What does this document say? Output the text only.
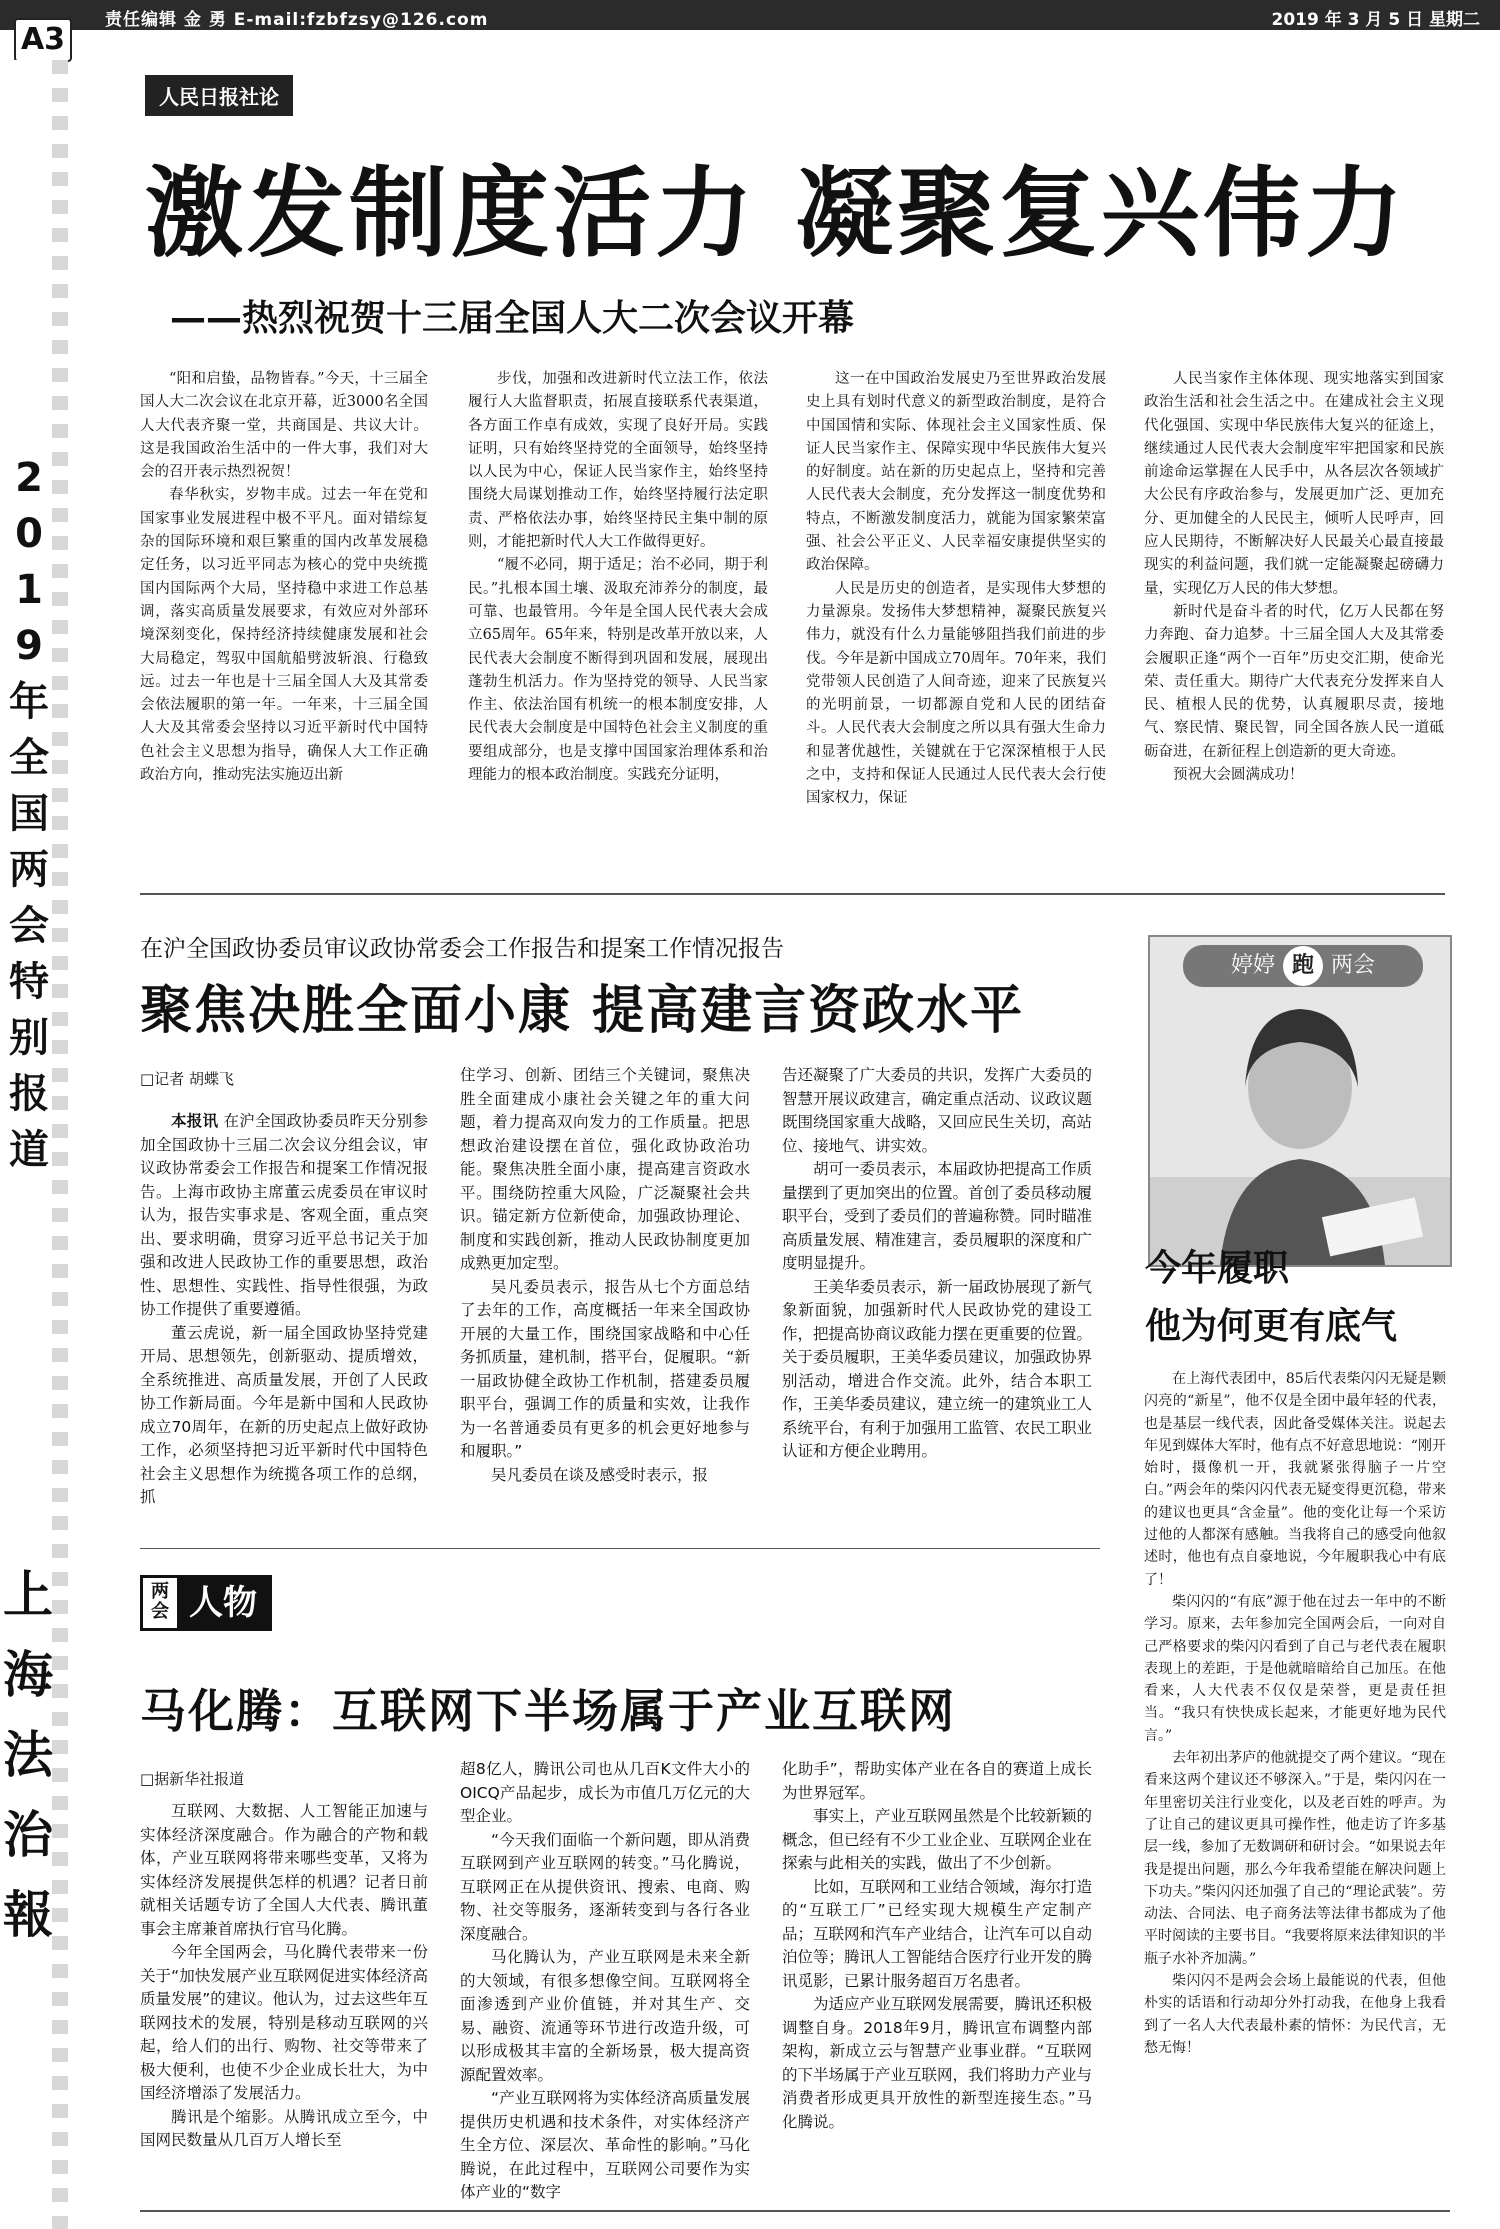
责任编辑 金 勇 E-mail:fzbfzsy@126.com	2019 年 3 月 5 日 星期二
A3
2
0
1
9
年
全
国
两
会
特
别
报
道
上
海
法
治
報
人民日报社论
激发制度活力 凝聚复兴伟力
——热烈祝贺十三届全国人大二次会议开幕

“阳和启蛰，品物皆春。”今天，十三届全国人大二次会议在北京开幕，近3000名全国人大代表齐聚一堂，共商国是、共议大计。这是我国政治生活中的一件大事，我们对大会的召开表示热烈祝贺！

春华秋实，岁物丰成。过去一年在党和国家事业发展进程中极不平凡。面对错综复杂的国际环境和艰巨繁重的国内改革发展稳定任务，以习近平同志为核心的党中央统揽国内国际两个大局，坚持稳中求进工作总基调，落实高质量发展要求，有效应对外部环境深刻变化，保持经济持续健康发展和社会大局稳定，驾驭中国航船劈波斩浪、行稳致远。过去一年也是十三届全国人大及其常委会依法履职的第一年。一年来，十三届全国人大及其常委会坚持以习近平新时代中国特色社会主义思想为指导，确保人大工作正确政治方向，推动宪法实施迈出新

步伐，加强和改进新时代立法工作，依法履行人大监督职责，拓展直接联系代表渠道，各方面工作卓有成效，实现了良好开局。实践证明，只有始终坚持党的全面领导，始终坚持以人民为中心，保证人民当家作主，始终坚持围绕大局谋划推动工作，始终坚持履行法定职责、严格依法办事，始终坚持民主集中制的原则，才能把新时代人大工作做得更好。

“履不必同，期于适足；治不必同，期于利民。”扎根本国土壤、汲取充沛养分的制度，最可靠、也最管用。今年是全国人民代表大会成立65周年。65年来，特别是改革开放以来，人民代表大会制度不断得到巩固和发展，展现出蓬勃生机活力。作为坚持党的领导、人民当家作主、依法治国有机统一的根本制度安排，人民代表大会制度是中国特色社会主义制度的重要组成部分，也是支撑中国国家治理体系和治理能力的根本政治制度。实践充分证明，

这一在中国政治发展史乃至世界政治发展史上具有划时代意义的新型政治制度，是符合中国国情和实际、体现社会主义国家性质、保证人民当家作主、保障实现中华民族伟大复兴的好制度。站在新的历史起点上，坚持和完善人民代表大会制度，充分发挥这一制度优势和特点，不断激发制度活力，就能为国家繁荣富强、社会公平正义、人民幸福安康提供坚实的政治保障。

人民是历史的创造者，是实现伟大梦想的力量源泉。发扬伟大梦想精神，凝聚民族复兴伟力，就没有什么力量能够阻挡我们前进的步伐。今年是新中国成立70周年。70年来，我们党带领人民创造了人间奇迹，迎来了民族复兴的光明前景，一切都源自党和人民的团结奋斗。人民代表大会制度之所以具有强大生命力和显著优越性，关键就在于它深深植根于人民之中，支持和保证人民通过人民代表大会行使国家权力，保证

人民当家作主体体现、现实地落实到国家政治生活和社会生活之中。在建成社会主义现代化强国、实现中华民族伟大复兴的征途上，继续通过人民代表大会制度牢牢把国家和民族前途命运掌握在人民手中，从各层次各领域扩大公民有序政治参与，发展更加广泛、更加充分、更加健全的人民民主，倾听人民呼声，回应人民期待，不断解决好人民最关心最直接最现实的利益问题，我们就一定能凝聚起磅礴力量，实现亿万人民的伟大梦想。

新时代是奋斗者的时代，亿万人民都在努力奔跑、奋力追梦。十三届全国人大及其常委会履职正逢“两个一百年”历史交汇期，使命光荣、责任重大。期待广大代表充分发挥来自人民、植根人民的优势，认真履职尽责，接地气、察民情、聚民智，同全国各族人民一道砥砺奋进，在新征程上创造新的更大奇迹。

预祝大会圆满成功！

在沪全国政协委员审议政协常委会工作报告和提案工作情况报告
聚焦决胜全面小康 提高建言资政水平
□记者 胡蝶飞

本报讯 在沪全国政协委员昨天分别参加全国政协十三届二次会议分组会议，审议政协常委会工作报告和提案工作情况报告。上海市政协主席董云虎委员在审议时认为，报告实事求是、客观全面，重点突出、要求明确，贯穿习近平总书记关于加强和改进人民政协工作的重要思想，政治性、思想性、实践性、指导性很强，为政协工作提供了重要遵循。

董云虎说，新一届全国政协坚持党建开局、思想领先，创新驱动、提质增效，全系统推进、高质量发展，开创了人民政协工作新局面。今年是新中国和人民政协成立70周年，在新的历史起点上做好政协工作，必须坚持把习近平新时代中国特色社会主义思想作为统揽各项工作的总纲，抓

住学习、创新、团结三个关键词，聚焦决胜全面建成小康社会关键之年的重大问题，着力提高双向发力的工作质量。把思想政治建设摆在首位，强化政协政治功能。聚焦决胜全面小康，提高建言资政水平。围绕防控重大风险，广泛凝聚社会共识。锚定新方位新使命，加强政协理论、制度和实践创新，推动人民政协制度更加成熟更加定型。

吴凡委员表示，报告从七个方面总结了去年的工作，高度概括一年来全国政协开展的大量工作，围绕国家战略和中心任务抓质量，建机制，搭平台，促履职。“新一届政协健全政协工作机制，搭建委员履职平台，强调工作的质量和实效，让我作为一名普通委员有更多的机会更好地参与和履职。”

吴凡委员在谈及感受时表示，报

告还凝聚了广大委员的共识，发挥广大委员的智慧开展议政建言，确定重点活动、议政议题既围绕国家重大战略，又回应民生关切，高站位、接地气、讲实效。

胡可一委员表示，本届政协把提高工作质量摆到了更加突出的位置。首创了委员移动履职平台，受到了委员们的普遍称赞。同时瞄准高质量发展、精准建言，委员履职的深度和广度明显提升。

王美华委员表示，新一届政协展现了新气象新面貌，加强新时代人民政协党的建设工作，把提高协商议政能力摆在更重要的位置。关于委员履职，王美华委员建议，加强政协界别活动，增进合作交流。此外，结合本职工作，王美华委员建议，建立统一的建筑业工人系统平台，有利于加强用工监管、农民工职业认证和方便企业聘用。

婷婷 跑 两会
今年履职
他为何更有底气

在上海代表团中，85后代表柴闪闪无疑是颗闪亮的“新星”，他不仅是全团中最年轻的代表，也是基层一线代表，因此备受媒体关注。说起去年见到媒体大军时，他有点不好意思地说：“刚开始时，摄像机一开，我就紧张得脑子一片空白。”两会年的柴闪闪代表无疑变得更沉稳，带来的建议也更具“含金量”。他的变化让每一个采访过他的人都深有感触。当我将自己的感受向他叙述时，他也有点自豪地说，今年履职我心中有底了！

柴闪闪的“有底”源于他在过去一年中的不断学习。原来，去年参加完全国两会后，一向对自己严格要求的柴闪闪看到了自己与老代表在履职表现上的差距，于是他就暗暗给自己加压。在他看来，人大代表不仅仅是荣誉，更是责任担当。“我只有快快成长起来，才能更好地为民代言。”

去年初出茅庐的他就提交了两个建议。“现在看来这两个建议还不够深入。”于是，柴闪闪在一年里密切关注行业变化，以及老百姓的呼声。为了让自己的建议更具可操作性，他走访了许多基层一线，参加了无数调研和研讨会。“如果说去年我是提出问题，那么今年我希望能在解决问题上下功夫。”柴闪闪还加强了自己的“理论武装”。劳动法、合同法、电子商务法等法律书都成为了他平时阅读的主要书目。“我要将原来法律知识的半瓶子水补齐加满。”

柴闪闪不是两会会场上最能说的代表，但他朴实的话语和行动却分外打动我，在他身上我看到了一名人大代表最朴素的情怀：为民代言，无愁无悔！

两会 人物
马化腾：互联网下半场属于产业互联网
□据新华社报道

互联网、大数据、人工智能正加速与实体经济深度融合。作为融合的产物和载体，产业互联网将带来哪些变革，又将为实体经济发展提供怎样的机遇？记者日前就相关话题专访了全国人大代表、腾讯董事会主席兼首席执行官马化腾。

今年全国两会，马化腾代表带来一份关于“加快发展产业互联网促进实体经济高质量发展”的建议。他认为，过去这些年互联网技术的发展，特别是移动互联网的兴起，给人们的出行、购物、社交等带来了极大便利，也使不少企业成长壮大，为中国经济增添了发展活力。

腾讯是个缩影。从腾讯成立至今，中国网民数量从几百万人增长至

超8亿人，腾讯公司也从几百K文件大小的OICQ产品起步，成长为市值几万亿元的大型企业。

“今天我们面临一个新问题，即从消费互联网到产业互联网的转变。”马化腾说，互联网正在从提供资讯、搜索、电商、购物、社交等服务，逐渐转变到与各行各业深度融合。

马化腾认为，产业互联网是未来全新的大领域，有很多想像空间。互联网将全面渗透到产业价值链，并对其生产、交易、融资、流通等环节进行改造升级，可以形成极其丰富的全新场景，极大提高资源配置效率。

“产业互联网将为实体经济高质量发展提供历史机遇和技术条件，对实体经济产生全方位、深层次、革命性的影响。”马化腾说，在此过程中，互联网公司要作为实体产业的“数字

化助手”，帮助实体产业在各自的赛道上成长为世界冠军。

事实上，产业互联网虽然是个比较新颖的概念，但已经有不少工业企业、互联网企业在探索与此相关的实践，做出了不少创新。

比如，互联网和工业结合领域，海尔打造的“互联工厂”已经实现大规模生产定制产品；互联网和汽车产业结合，让汽车可以自动泊位等；腾讯人工智能结合医疗行业开发的腾讯觅影，已累计服务超百万名患者。

为适应产业互联网发展需要，腾讯还积极调整自身。2018年9月，腾讯宣布调整内部架构，新成立云与智慧产业事业群。“互联网的下半场属于产业互联网，我们将助力产业与消费者形成更具开放性的新型连接生态。”马化腾说。
